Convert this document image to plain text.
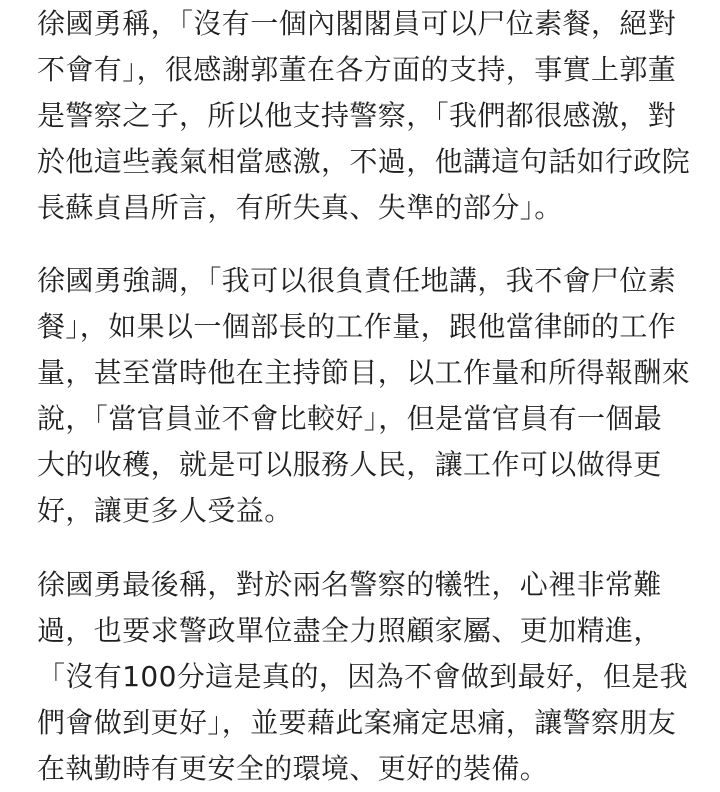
徐國勇稱，「沒有一個內閣閣員可以尸位素餐，絕對
不會有」，很感謝郭董在各方面的支持，事實上郭董
是警察之子，所以他支持警察，「我們都很感激，對
於他這些義氣相當感激，不過，他講這句話如行政院
長蘇貞昌所言，有所失真、失準的部分」。
徐國勇強調，「我可以很負責任地講，我不會尸位素
餐」，如果以一個部長的工作量，跟他當律師的工作
量，甚至當時他在主持節目，以工作量和所得報酬來
說，「當官員並不會比較好」，但是當官員有一個最
大的收穫，就是可以服務人民，讓工作可以做得更
好，讓更多人受益。
徐國勇最後稱，對於兩名警察的犧牲，心裡非常難
過，也要求警政單位盡全力照顧家屬、更加精進，
「沒有100分這是真的，因為不會做到最好，但是我
們會做到更好」，並要藉此案痛定思痛，讓警察朋友
在執勤時有更安全的環境、更好的裝備。
